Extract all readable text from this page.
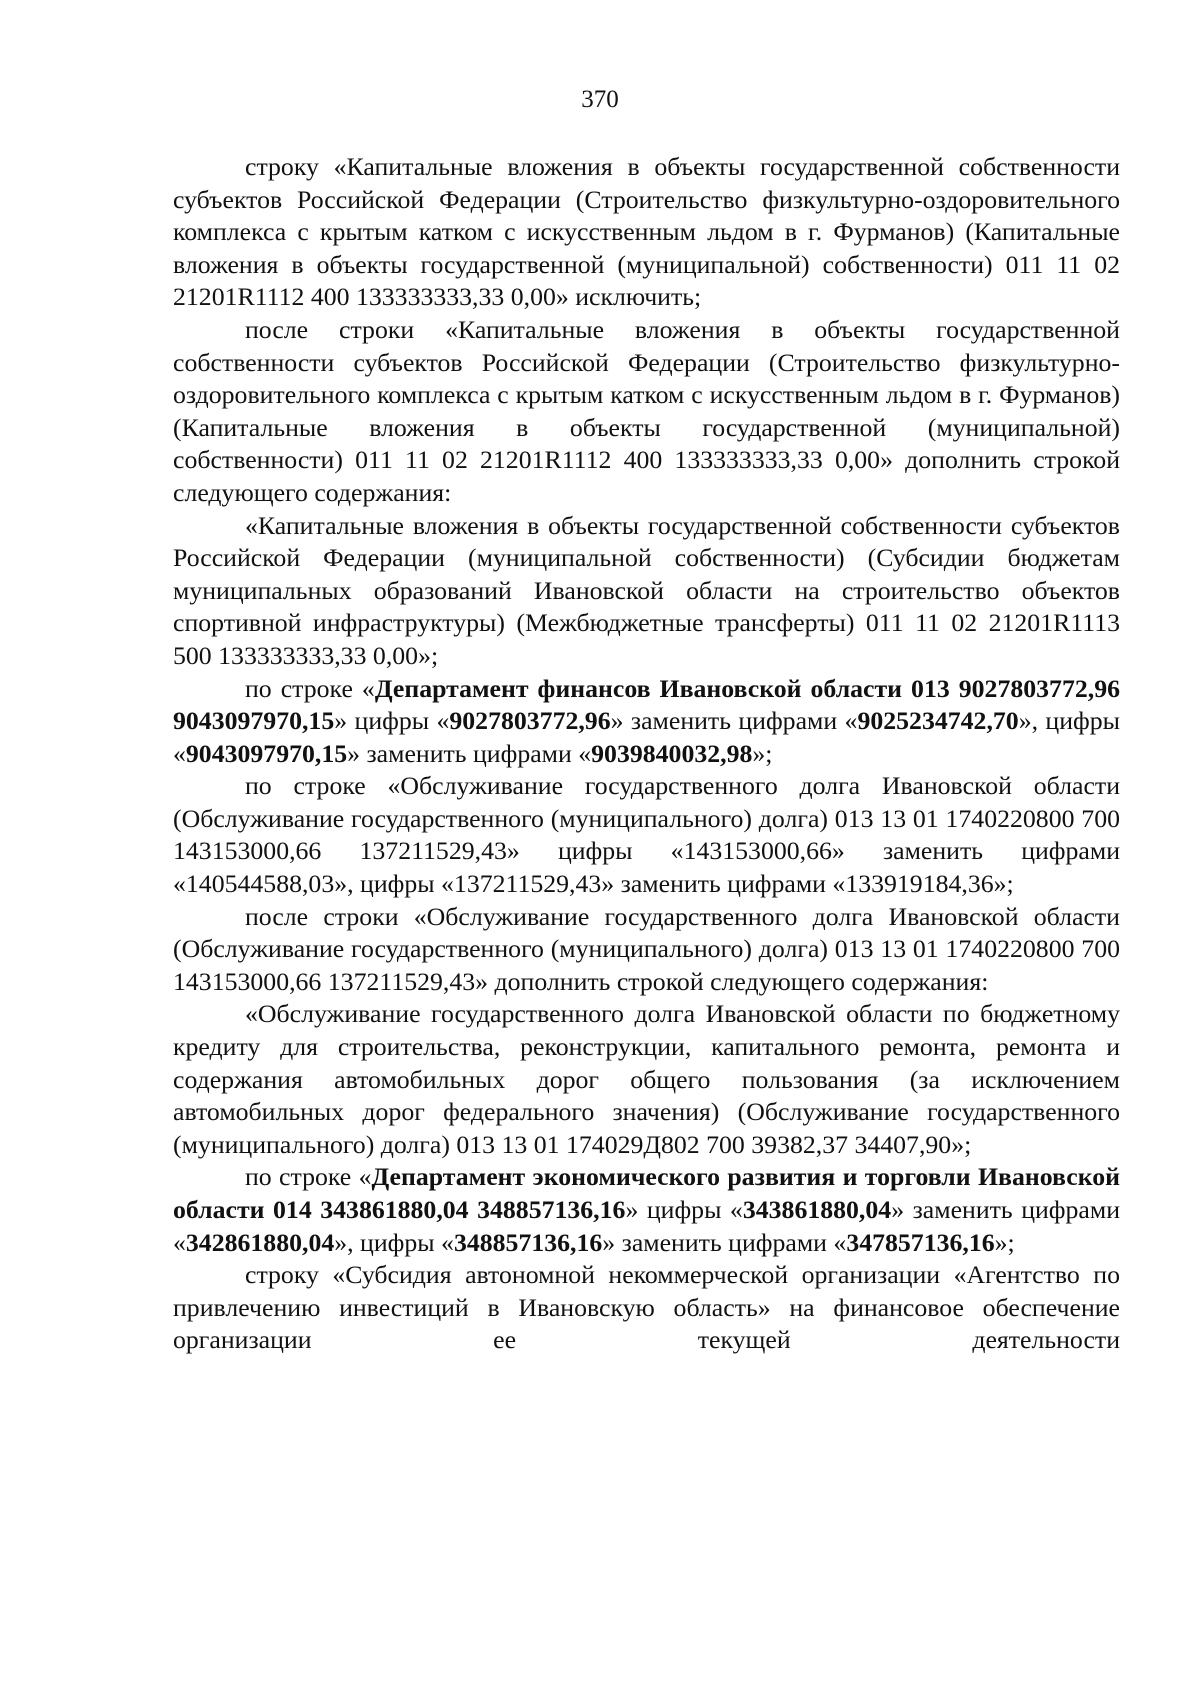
370

строку «Капитальные вложения в объекты государственной собственности субъектов Российской Федерации (Строительство физкультурно-оздоровительного комплекса с крытым катком с искусственным льдом в г. Фурманов) (Капитальные вложения в объекты государственной (муниципальной) собственности) 011 11 02 21201R1112 400 133333333,33 0,00» исключить;

после строки «Капитальные вложения в объекты государственной собственности субъектов Российской Федерации (Строительство физкультурно-оздоровительного комплекса с крытым катком с искусственным льдом в г. Фурманов) (Капитальные вложения в объекты государственной (муниципальной) собственности) 011 11 02 21201R1112 400 133333333,33 0,00» дополнить строкой следующего содержания:

«Капитальные вложения в объекты государственной собственности субъектов Российской Федерации (муниципальной собственности) (Субсидии бюджетам муниципальных образований Ивановской области на строительство объектов спортивной инфраструктуры) (Межбюджетные трансферты) 011 11 02 21201R1113 500 133333333,33 0,00»;

по строке «Департамент финансов Ивановской области 013 9027803772,96 9043097970,15» цифры «9027803772,96» заменить цифрами «9025234742,70», цифры «9043097970,15» заменить цифрами «9039840032,98»;

по строке «Обслуживание государственного долга Ивановской области (Обслуживание государственного (муниципального) долга) 013 13 01 1740220800 700 143153000,66 137211529,43» цифры «143153000,66» заменить цифрами «140544588,03», цифры «137211529,43» заменить цифрами «133919184,36»;

после строки «Обслуживание государственного долга Ивановской области (Обслуживание государственного (муниципального) долга) 013 13 01 1740220800 700 143153000,66 137211529,43» дополнить строкой следующего содержания:

«Обслуживание государственного долга Ивановской области по бюджетному кредиту для строительства, реконструкции, капитального ремонта, ремонта и содержания автомобильных дорог общего пользования (за исключением автомобильных дорог федерального значения) (Обслуживание государственного (муниципального) долга) 013 13 01 174029Д802 700 39382,37 34407,90»;

по строке «Департамент экономического развития и торговли Ивановской области 014 343861880,04 348857136,16» цифры «343861880,04» заменить цифрами «342861880,04», цифры «348857136,16» заменить цифрами «347857136,16»;

строку «Субсидия автономной некоммерческой организации «Агентство по привлечению инвестиций в Ивановскую область» на финансовое обеспечение организации ее текущей деятельности
